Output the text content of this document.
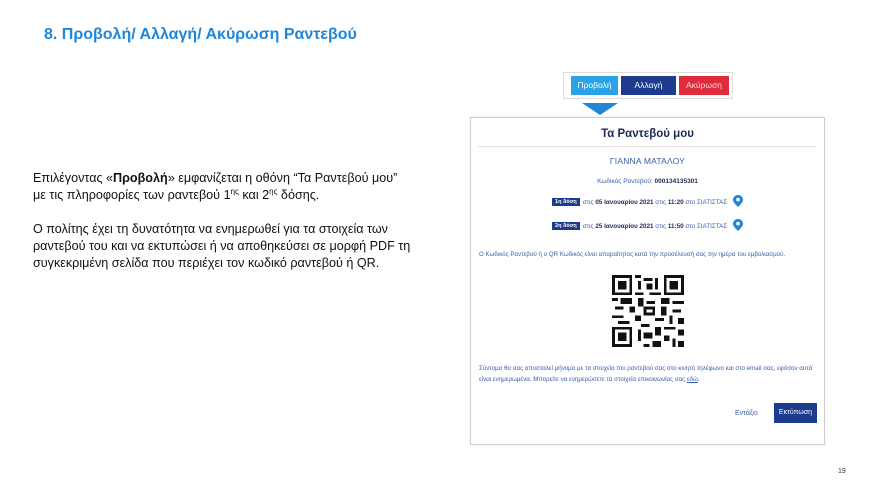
8. Προβολή/ Αλλαγή/ Ακύρωση Ραντεβού

Επιλέγοντας «Προβολή» εμφανίζεται η οθόνη “Τα Ραντεβού μου” με τις πληροφορίες των ραντεβού $1^{\eta\varsigma}$ και $2^{\eta\varsigma}$ δόσης.

Ο πολίτης έχει τη δυνατότητα να ενημερωθεί για τα στοιχεία των ραντεβού του και να εκτυπώσει ή να αποθηκεύσει σε μορφή PDF τη συγκεκριμένη σελίδα που περιέχει τον κωδικό ραντεβού ή QR.

Προβολή	Αλλαγή	Ακύρωση
Τα Ραντεβού μου
ΓΙΑΝΝΑ ΜΑΤΑΛΟΥ
Κωδικός Ραντεβού: 000134135301
1η δόση στις 05 Ιανουαρίου 2021 στις 11:20 στο ΣΙΑΤΙΣΤΑΣ
2η δόση στις 25 Ιανουαρίου 2021 στις 11:50 στο ΣΙΑΤΙΣΤΑΣ
Ο Κωδικός Ραντεβού ή ο QR Κωδικός είναι απαραίτητος κατά την προσέλευσή σας την ημέρα του εμβολιασμού.
Σύντομα θα σας αποσταλεί μήνυμα με τα στοιχεία του ραντεβού σας στο κινητό τηλέφωνο και στο email σας, εφόσον αυτά είναι ενημερωμένα. Μπορείτε να ενημερώσετε τα στοιχεία επικοινωνίας σας εδώ.
Εντάξει	Εκτύπωση
19
